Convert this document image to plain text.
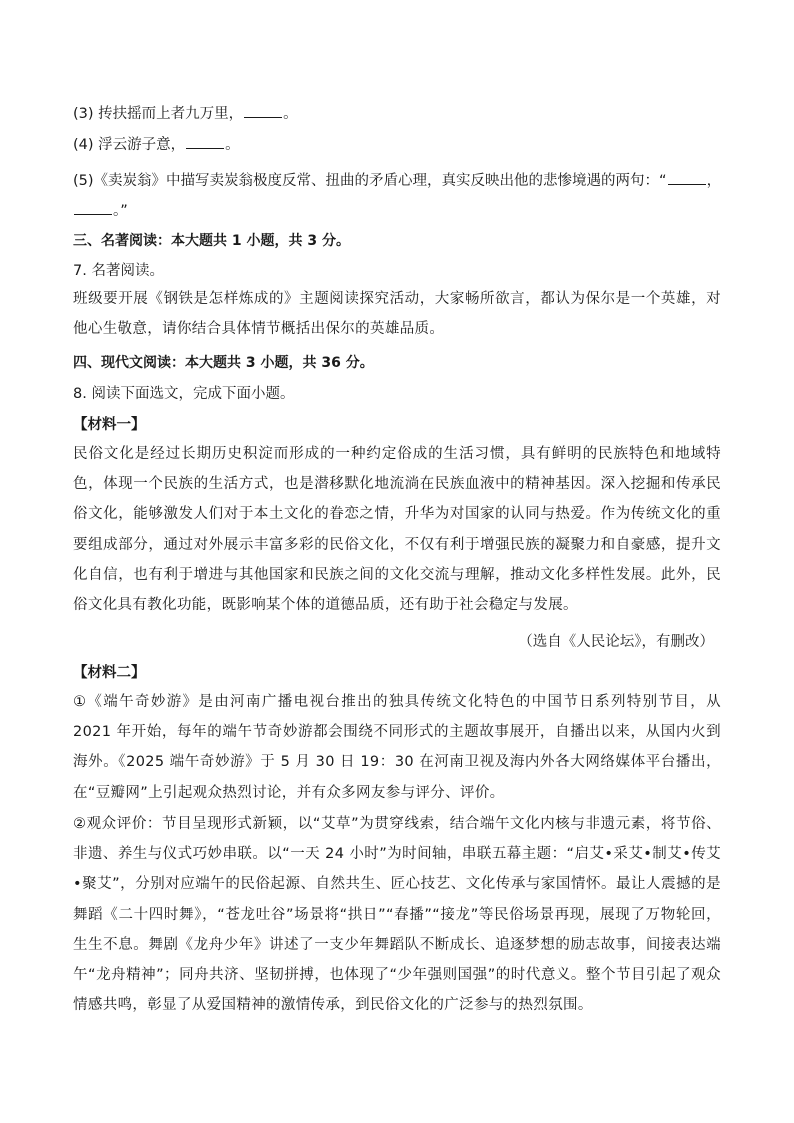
(3) 抟扶摇而上者九万里，	。
(4) 浮云游子意，	。
(5)《卖炭翁》中描写卖炭翁极度反常、扭曲的矛盾心理，真实反映出他的悲惨境遇的两句：“	，
。”
三、名著阅读：本大题共 1 小题，共 3 分。
7. 名著阅读。
班级要开展《钢铁是怎样炼成的》主题阅读探究活动，大家畅所欲言，都认为保尔是一个英雄，对他心生敬意，请你结合具体情节概括出保尔的英雄品质。
四、现代文阅读：本大题共 3 小题，共 36 分。
8. 阅读下面选文，完成下面小题。
【材料一】
民俗文化是经过长期历史积淀而形成的一种约定俗成的生活习惯，具有鲜明的民族特色和地域特色，体现一个民族的生活方式，也是潜移默化地流淌在民族血液中的精神基因。深入挖掘和传承民俗文化，能够激发人们对于本土文化的眷恋之情，升华为对国家的认同与热爱。作为传统文化的重要组成部分，通过对外展示丰富多彩的民俗文化，不仅有利于增强民族的凝聚力和自豪感，提升文化自信，也有利于增进与其他国家和民族之间的文化交流与理解，推动文化多样性发展。此外，民俗文化具有教化功能，既影响某个体的道德品质，还有助于社会稳定与发展。
（选自《人民论坛》，有删改）
【材料二】
①《端午奇妙游》是由河南广播电视台推出的独具传统文化特色的中国节日系列特别节目，从 2021 年开始，每年的端午节奇妙游都会围绕不同形式的主题故事展开，自播出以来，从国内火到海外。《2025 端午奇妙游》于 5 月 30 日 19：30 在河南卫视及海内外各大网络媒体平台播出，在“豆瓣网”上引起观众热烈讨论，并有众多网友参与评分、评价。
②观众评价：节目呈现形式新颖，以“艾草”为贯穿线索，结合端午文化内核与非遗元素，将节俗、非遗、养生与仪式巧妙串联。以“一天 24 小时”为时间轴，串联五幕主题：“启艾•采艾•制艾•传艾•聚艾”，分别对应端午的民俗起源、自然共生、匠心技艺、文化传承与家国情怀。最让人震撼的是舞蹈《二十四时舞》，“苍龙吐谷”场景将“拱日”“春播”“接龙”等民俗场景再现，展现了万物轮回，生生不息。舞剧《龙舟少年》讲述了一支少年舞蹈队不断成长、追逐梦想的励志故事，间接表达端午“龙舟精神”；同舟共济、坚韧拼搏，也体现了“少年强则国强”的时代意义。整个节目引起了观众情感共鸣，彰显了从爱国精神的激情传承，到民俗文化的广泛参与的热烈氛围。
